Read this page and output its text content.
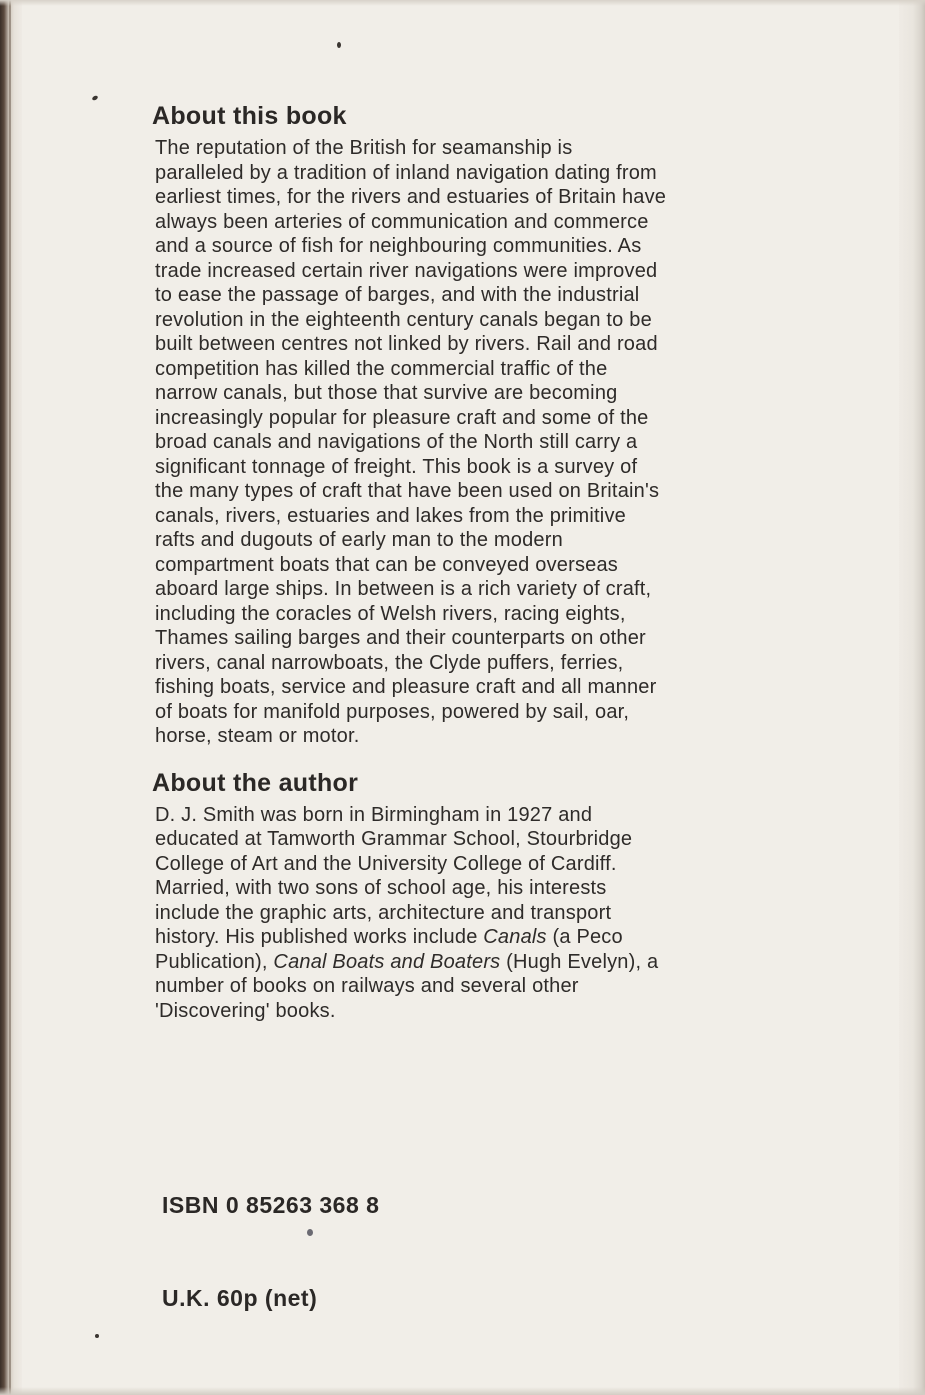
About this book

The reputation of the British for seamanship is
paralleled by a tradition of inland navigation dating from
earliest times, for the rivers and estuaries of Britain have
always been arteries of communication and commerce
and a source of fish for neighbouring communities. As
trade increased certain river navigations were improved
to ease the passage of barges, and with the industrial
revolution in the eighteenth century canals began to be
built between centres not linked by rivers. Rail and road
competition has killed the commercial traffic of the
narrow canals, but those that survive are becoming
increasingly popular for pleasure craft and some of the
broad canals and navigations of the North still carry a
significant tonnage of freight. This book is a survey of
the many types of craft that have been used on Britain's
canals, rivers, estuaries and lakes from the primitive
rafts and dugouts of early man to the modern
compartment boats that can be conveyed overseas
aboard large ships. In between is a rich variety of craft,
including the coracles of Welsh rivers, racing eights,
Thames sailing barges and their counterparts on other
rivers, canal narrowboats, the Clyde puffers, ferries,
fishing boats, service and pleasure craft and all manner
of boats for manifold purposes, powered by sail, oar,
horse, steam or motor.

About the author

D. J. Smith was born in Birmingham in 1927 and
educated at Tamworth Grammar School, Stourbridge
College of Art and the University College of Cardiff.
Married, with two sons of school age, his interests
include the graphic arts, architecture and transport
history. His published works include Canals (a Peco
Publication), Canal Boats and Boaters (Hugh Evelyn), a
number of books on railways and several other
'Discovering' books.

ISBN 0 85263 368 8
U.K. 60p (net)
